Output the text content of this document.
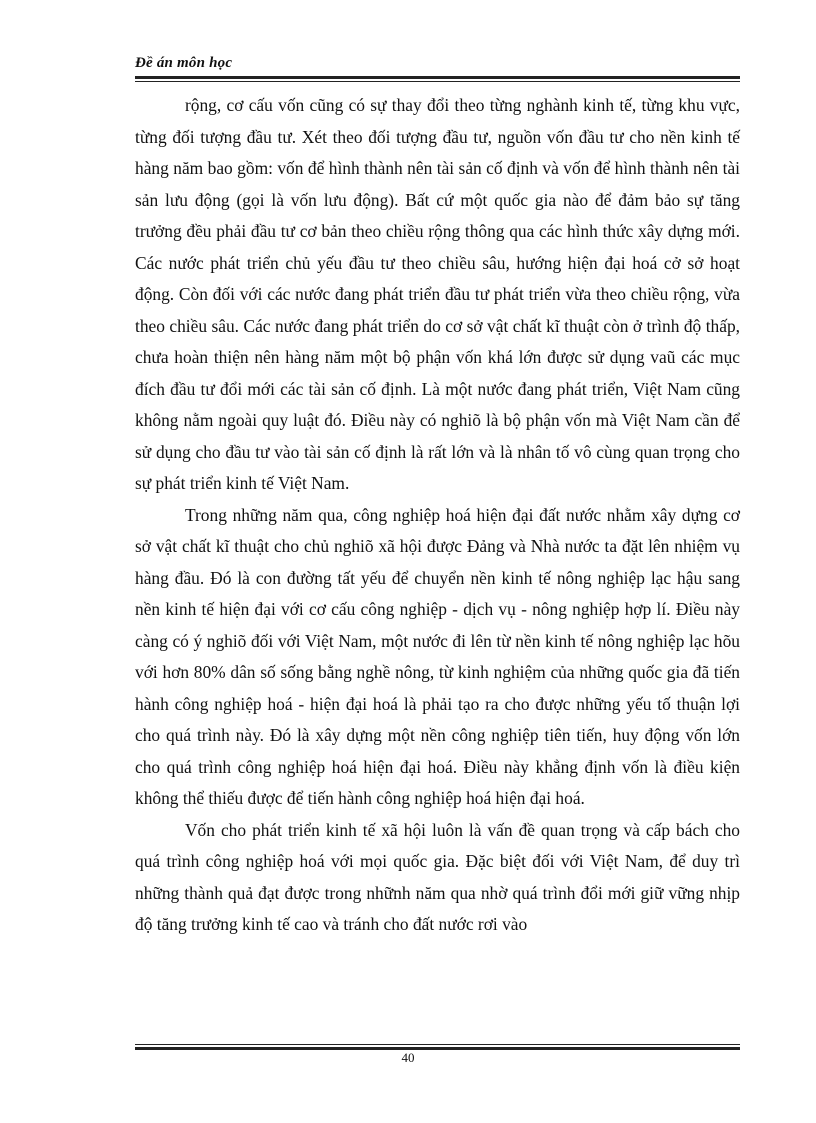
Đề án môn học

rộng, cơ cấu vốn cũng có sự thay đổi theo từng nghành kinh tế, từng khu vực, từng đối tượng đầu tư. Xét theo đối tượng đầu tư, nguồn vốn đầu tư cho nền kinh tế hàng năm bao gồm: vốn để hình thành nên tài sản cố định và vốn để hình thành nên tài sản lưu động (gọi là vốn lưu động). Bất cứ một quốc gia nào để đảm bảo sự tăng trưởng đều phải đầu tư cơ bản theo chiều rộng thông qua các hình thức xây dựng mới. Các nước phát triển chủ yếu đầu tư theo chiều sâu, hướng hiện đại hoá cở sở hoạt động. Còn đối với các nước đang phát triển đầu tư phát triển vừa theo chiều rộng, vừa theo chiều sâu. Các nước đang phát triển do cơ sở vật chất kĩ thuật còn ở trình độ thấp, chưa hoàn thiện nên hàng năm một bộ phận vốn khá lớn được sử dụng vaũ các mục đích đầu tư đổi mới các tài sản cố định. Là một nước đang phát triển, Việt Nam cũng không nằm ngoài quy luật đó. Điều này có nghiõ là bộ phận vốn mà Việt Nam cần để sử dụng cho đầu tư vào tài sản cố định là rất lớn và là nhân tố vô cùng quan trọng cho sự phát triển kinh tế Việt Nam.

Trong những năm qua, công nghiệp hoá hiện đại đất nước nhằm xây dựng cơ sở vật chất kĩ thuật cho chủ nghiõ xã hội được Đảng và Nhà nước ta đặt lên nhiệm vụ hàng đầu. Đó là con đường tất yếu để chuyển nền kinh tế nông nghiệp lạc hậu sang nền kinh tế hiện đại với cơ cấu công nghiệp - dịch vụ - nông nghiệp hợp lí. Điều này càng có ý nghiõ đối với Việt Nam, một nước đi lên từ nền kinh tế nông nghiệp lạc hõu với hơn 80% dân số sống bằng nghề nông, từ kinh nghiệm của những quốc gia đã tiến hành công nghiệp hoá - hiện đại hoá là phải tạo ra cho được những yếu tố thuận lợi cho quá trình này. Đó là xây dựng một nền công nghiệp tiên tiến, huy động vốn lớn cho quá trình công nghiệp hoá hiện đại hoá. Điều này khẳng định vốn là điều kiện không thể thiếu được để tiến hành công nghiệp hoá hiện đại hoá.

Vốn cho phát triển kinh tế xã hội luôn là vấn đề quan trọng và cấp bách cho quá trình công nghiệp hoá với mọi quốc gia. Đặc biệt đối với Việt Nam, để duy trì những thành quả đạt được trong nhữnh năm qua nhờ quá trình đổi mới giữ vững nhịp độ tăng trưởng kinh tế cao và tránh cho đất nước rơi vào

40
